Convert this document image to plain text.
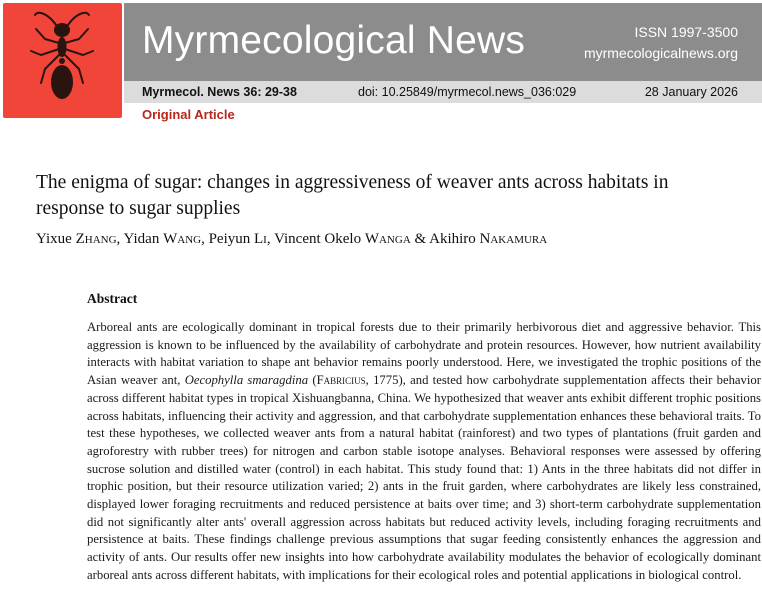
Myrmecological News	ISSN 1997-3500
myrmecologicalnews.org
Myrmecol. News 36: 29-38	doi: 10.25849/myrmecol.news_036:029	28 January 2026
Original Article
The enigma of sugar: changes in aggressiveness of weaver ants across habitats in response to sugar supplies
Yixue Zhang, Yidan Wang, Peiyun Li, Vincent Okelo Wanga & Akihiro Nakamura
Abstract

Arboreal ants are ecologically dominant in tropical forests due to their primarily herbivorous diet and aggressive behavior. This aggression is known to be influenced by the availability of carbohydrate and protein resources. However, how nutrient availability interacts with habitat variation to shape ant behavior remains poorly understood. Here, we investigated the trophic positions of the Asian weaver ant, Oecophylla smaragdina (Fabricius, 1775), and tested how carbohydrate supplementation affects their behavior across different habitat types in tropical Xishuangbanna, China. We hypothesized that weaver ants exhibit different trophic positions across habitats, influencing their activity and aggression, and that carbohydrate supplementation enhances these behavioral traits. To test these hypotheses, we collected weaver ants from a natural habitat (rainforest) and two types of plantations (fruit garden and agroforestry with rubber trees) for nitrogen and carbon stable isotope analyses. Behavioral responses were assessed by offering sucrose solution and distilled water (control) in each habitat. This study found that: 1) Ants in the three habitats did not differ in trophic position, but their resource utilization varied; 2) ants in the fruit garden, where carbohydrates are likely less constrained, displayed lower foraging recruitments and reduced persistence at baits over time; and 3) short-term carbohydrate supplementation did not significantly alter ants' overall aggression across habitats but reduced activity levels, including foraging recruitments and persistence at baits. These findings challenge previous assumptions that sugar feeding consistently enhances the aggression and activity of ants. Our results offer new insights into how carbohydrate availability modulates the behavior of ecologically dominant arboreal ants across different habitats, with implications for their ecological roles and potential applications in biological control.
